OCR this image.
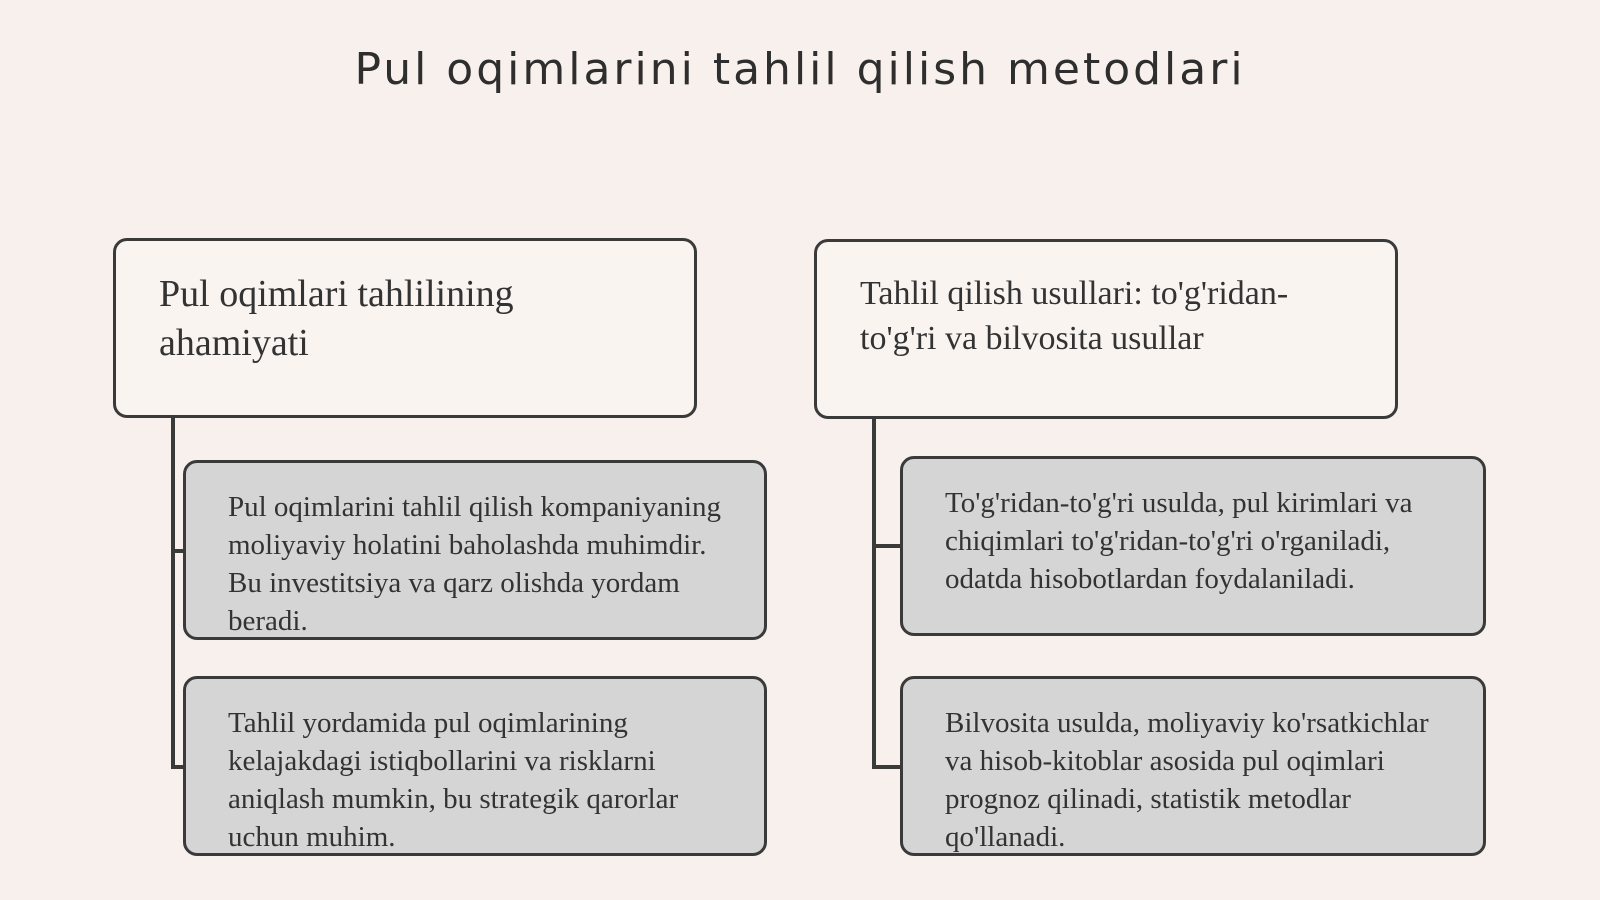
Pul oqimlarini tahlil qilish metodlari
Pul oqimlari tahlilining ahamiyati
Pul oqimlarini tahlil qilish kompaniyaning moliyaviy holatini baholashda muhimdir. Bu investitsiya va qarz olishda yordam beradi.
Tahlil yordamida pul oqimlarining kelajakdagi istiqbollarini va risklarni aniqlash mumkin, bu strategik qarorlar uchun muhim.
Tahlil qilish usullari: to'g'ridan-to'g'ri va bilvosita usullar
To'g'ridan-to'g'ri usulda, pul kirimlari va chiqimlari to'g'ridan-to'g'ri o'rganiladi, odatda hisobotlardan foydalaniladi.
Bilvosita usulda, moliyaviy ko'rsatkichlar va hisob-kitoblar asosida pul oqimlari prognoz qilinadi, statistik metodlar qo'llanadi.
